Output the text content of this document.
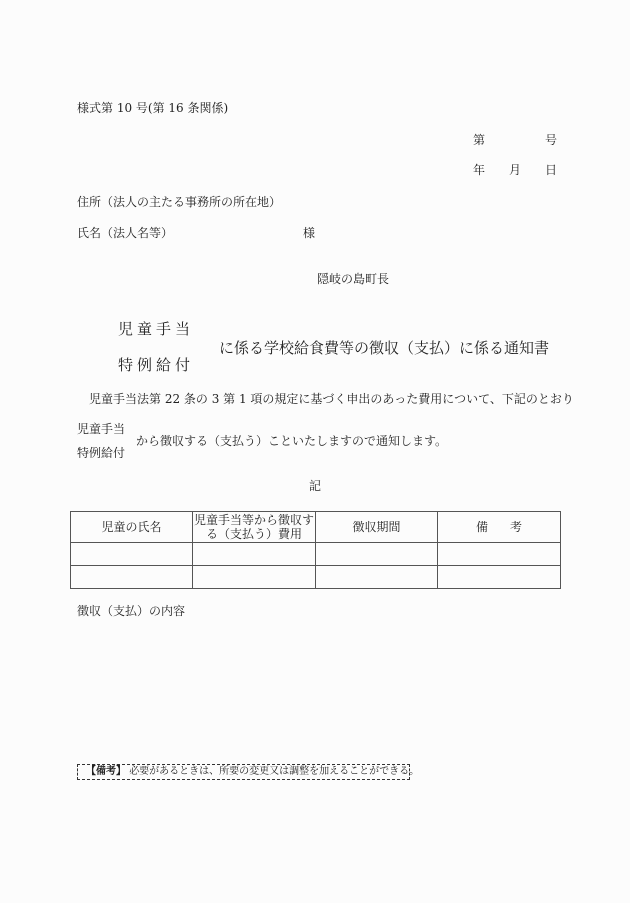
様式第 10 号(第 16 条関係)
第	号
年 月 日
住所（法人の主たる事務所の所在地）
氏名（法人名等）	様
隠岐の島町長
児童手当
に係る学校給食費等の徴収（支払）に係る通知書
特例給付
児童手当法第 22 条の 3 第 1 項の規定に基づく申出のあった費用について、下記のとおり
児童手当
から徴収する（支払う）こといたしますので通知します。
特例給付
記
児童の氏名	児童手当等から徴収する（支払う）費用	徴収期間	備考

徴収（支払）の内容
【備考】 必要があるときは、所要の変更又は調整を加えることができる。
